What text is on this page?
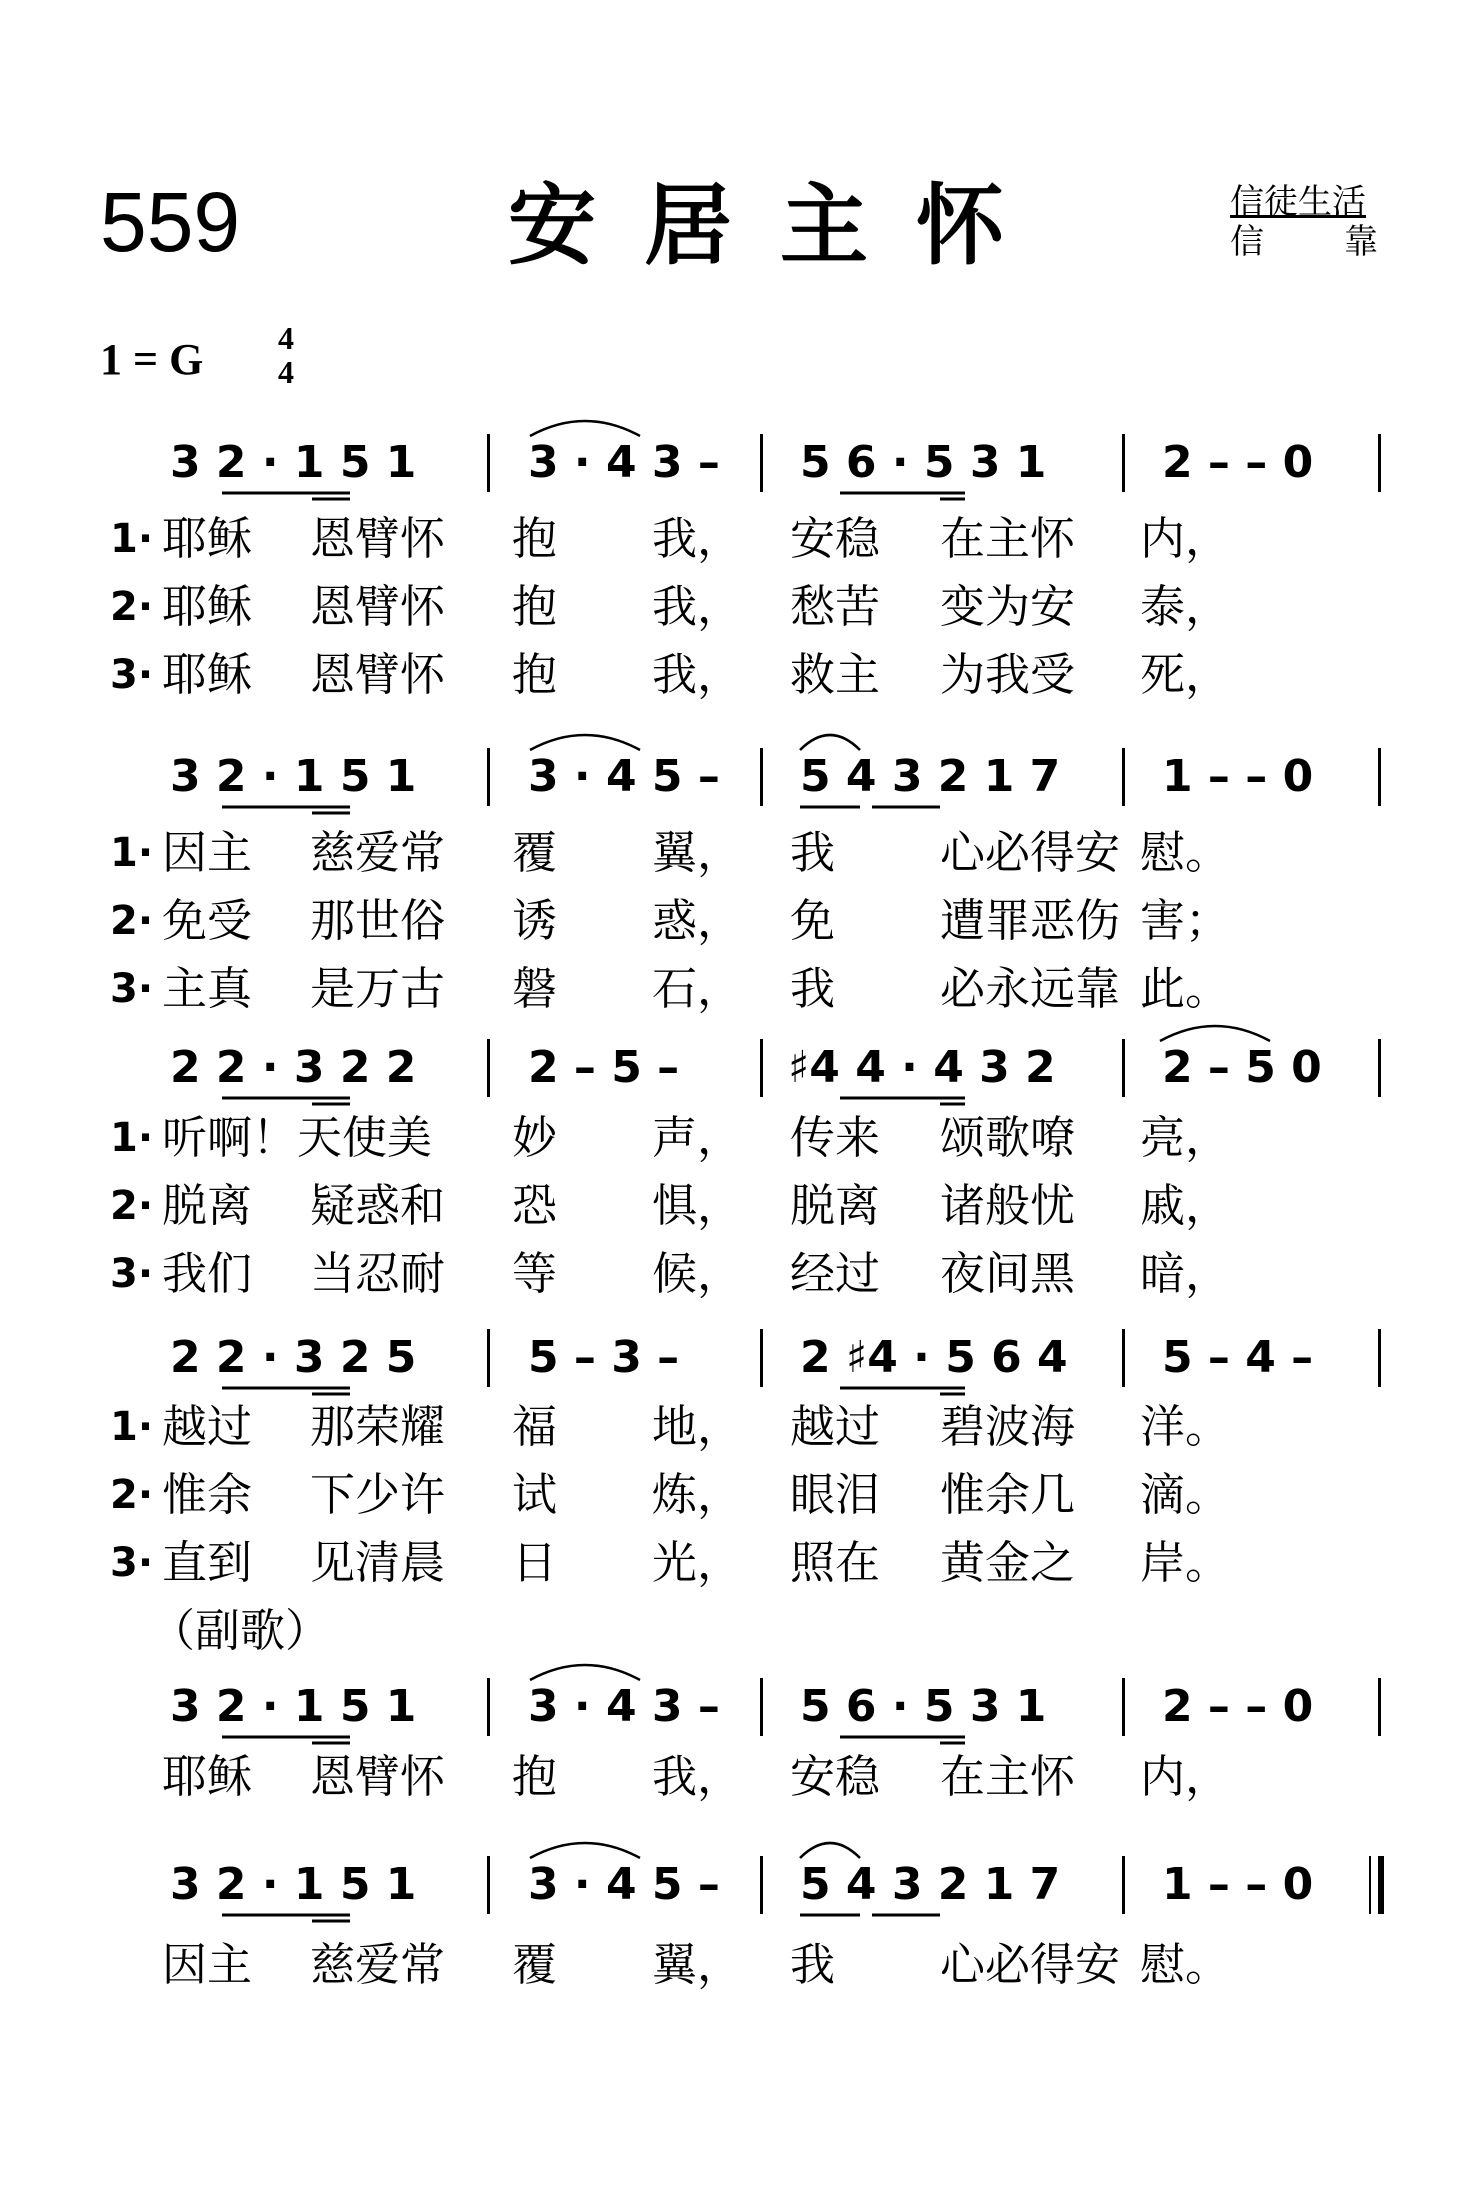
559	安居主怀	信徒生活
信 靠
1 = G 4
4
3 2 · 1 5 1	3 · 4 3 – 5 6 · 5 3 1	2 – – 0
3 2 · 1 5 1	3 · 4 5 – 5 4 3 2 1 7 1 – – 0
2 2 · 3 2 2	2 – 5 – ♯4 4 · 4 3 2 2 – 5 0
2 2 · 3 2 5	5 – 3 –	2 ♯4 · 5 6 4 5 – 4 –
（副歌）
3 2 · 1 5 1	3 · 4 3 – 5 6 · 5 3 1	2 – – 0
3 2 · 1 5 1	3 · 4 5 – 5 4 3 2 1 7 1 – – 0
1· 耶稣 恩臂怀 抱 我， 安稳 在主怀 内，
2· 耶稣 恩臂怀 抱 我， 愁苦 变为安 泰，
3· 耶稣 恩臂怀 抱 我， 救主 为我受 死，
1· 因主 慈爱常 覆 翼， 我 心必得安 慰。
2· 免受 那世俗 诱 惑， 免 遭罪恶伤 害；
3· 主真 是万古 磐 石， 我 必永远靠 此。
1· 听啊！天使美 妙 声， 传来 颂歌嘹 亮，
2· 脱离 疑惑和 恐 惧， 脱离 诸般忧 戚，
3· 我们 当忍耐 等 候， 经过 夜间黑 暗，
1· 越过 那荣耀 福 地， 越过 碧波海 洋。
2· 惟余 下少许 试 炼， 眼泪 惟余几 滴。
3· 直到 见清晨 日 光， 照在 黄金之 岸。
耶稣 恩臂怀 抱 我， 安稳 在主怀 内，
因主 慈爱常 覆 翼， 我 心必得安 慰。
